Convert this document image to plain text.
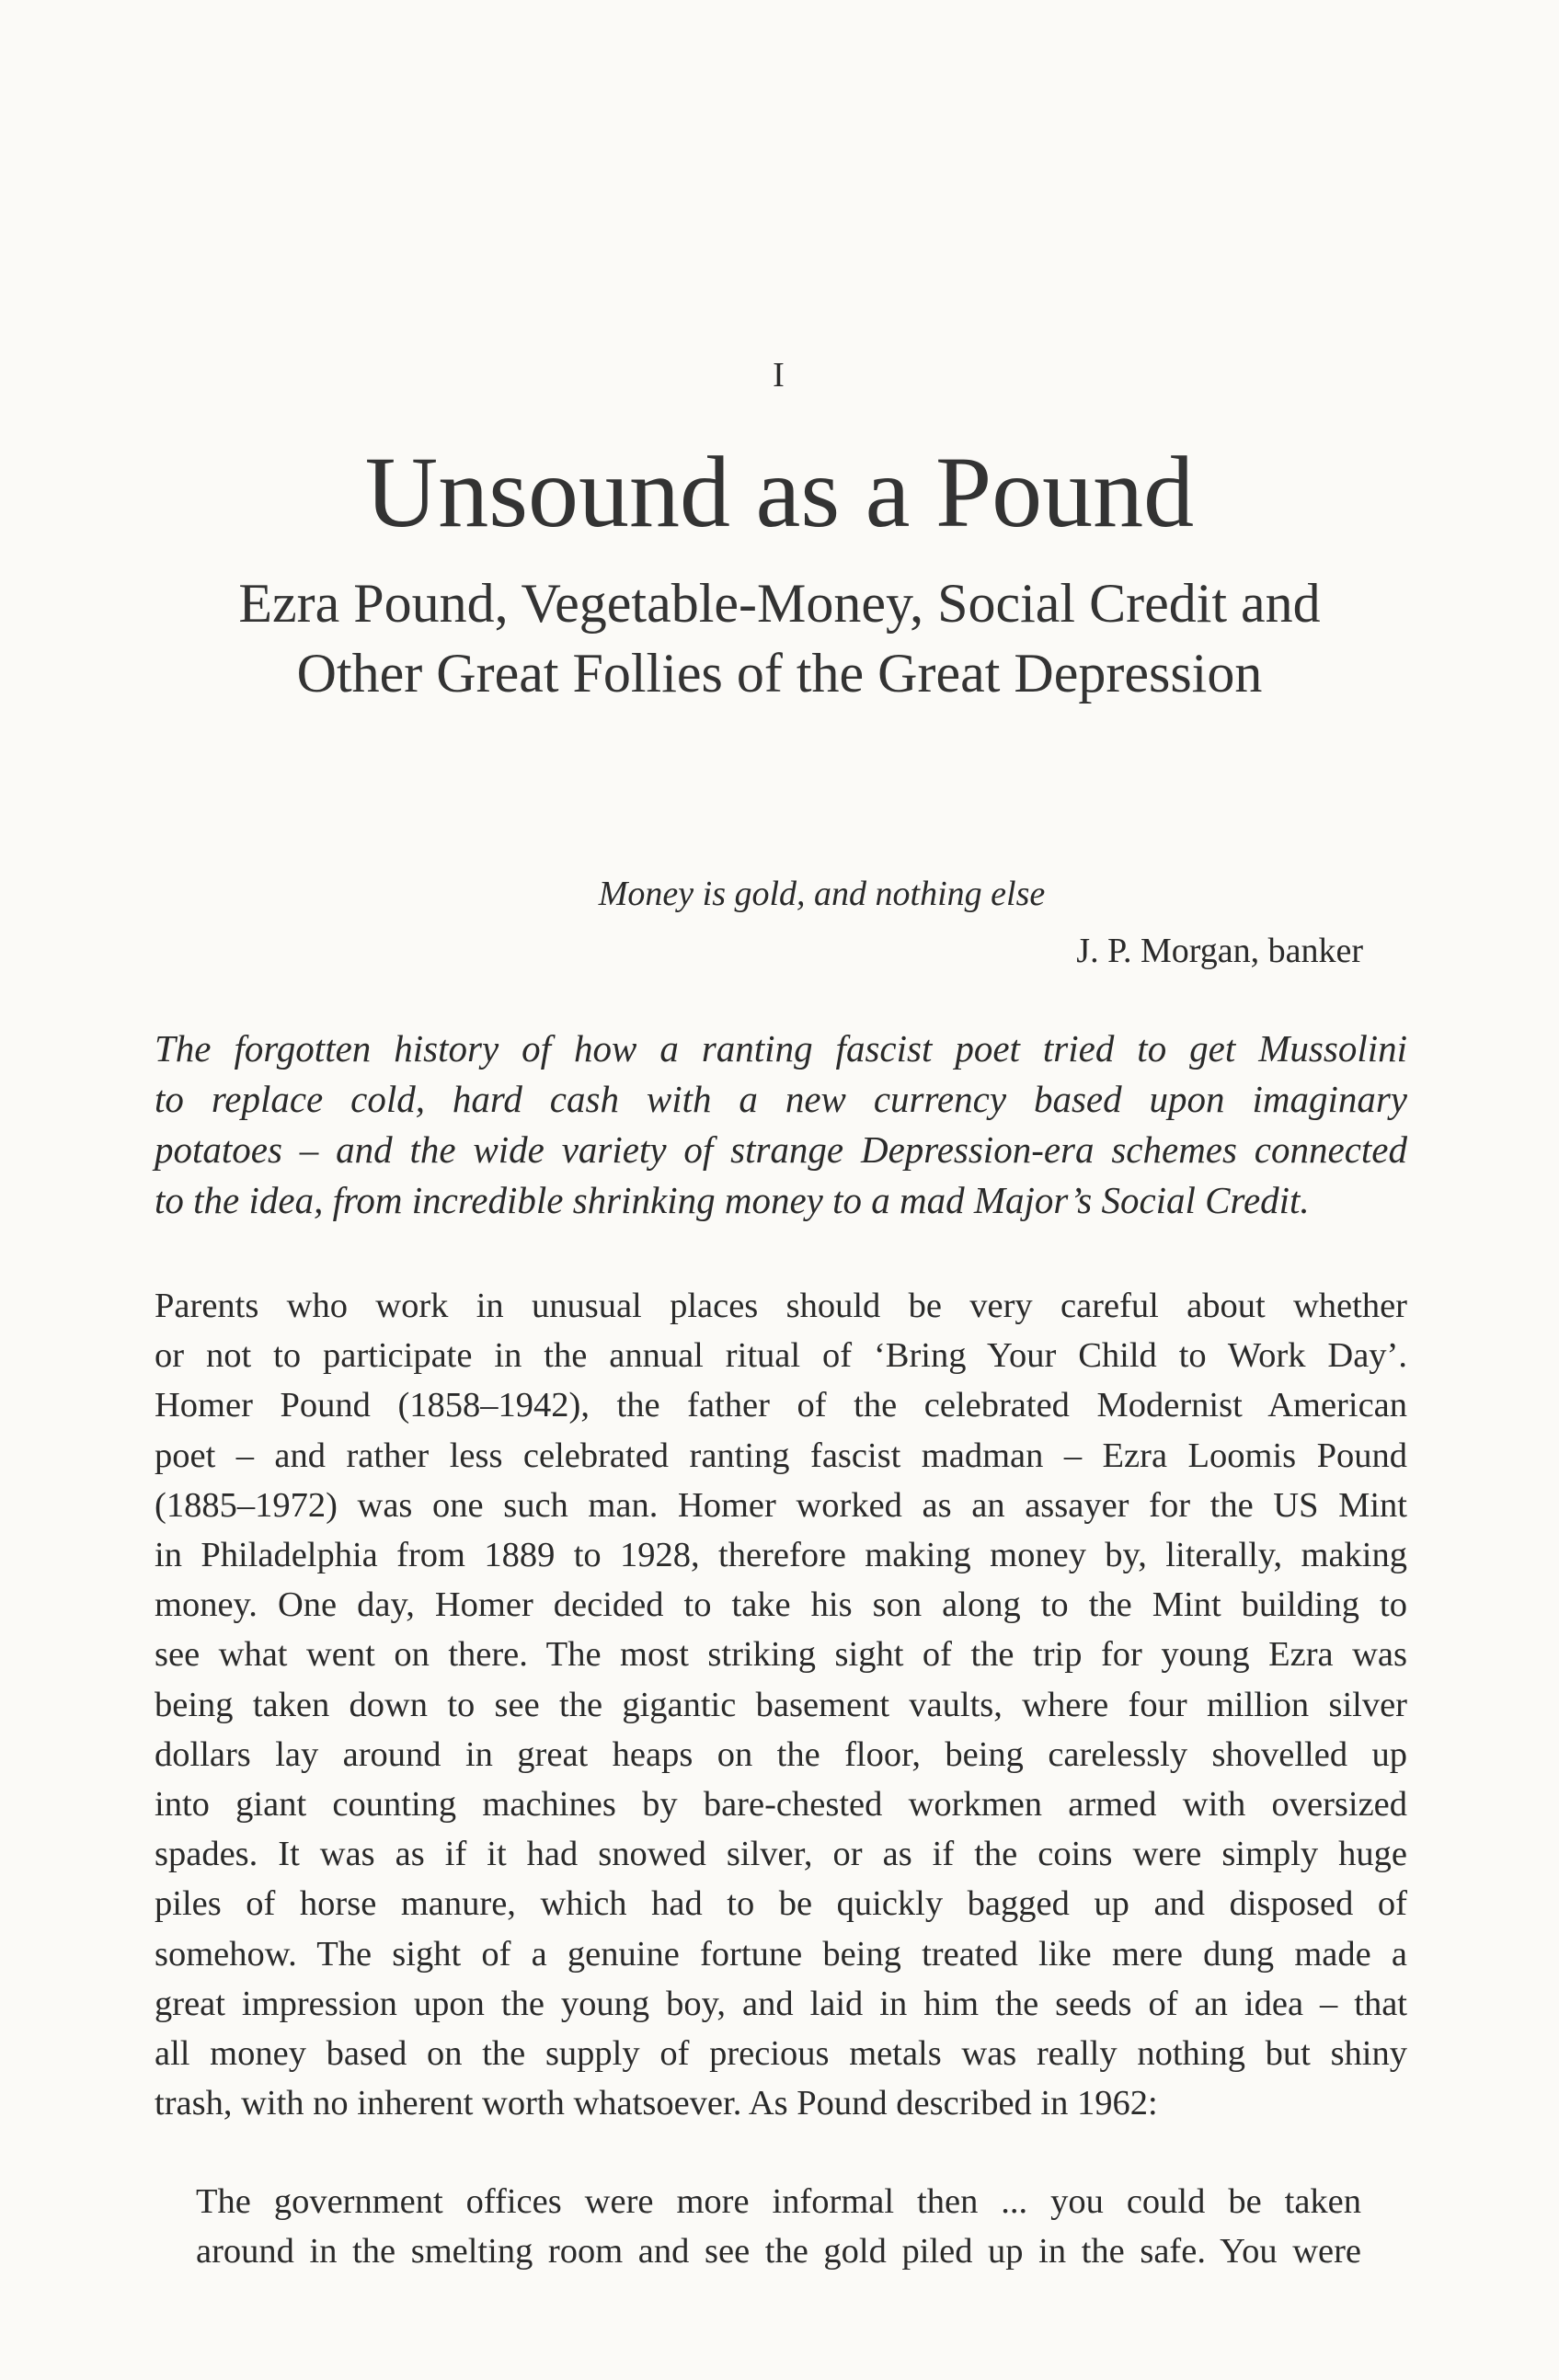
I
Unsound as a Pound
Ezra Pound, Vegetable-Money, Social Credit and
Other Great Follies of the Great Depression
Money is gold, and nothing else
J. P. Morgan, banker
The forgotten history of how a ranting fascist poet tried to get Mussolini
to replace cold, hard cash with a new currency based upon imaginary
potatoes – and the wide variety of strange Depression-era schemes connected
to the idea, from incredible shrinking money to a mad Major’s Social Credit.
Parents who work in unusual places should be very careful about whether
or not to participate in the annual ritual of ‘Bring Your Child to Work Day’.
Homer Pound (1858–1942), the father of the celebrated Modernist American
poet – and rather less celebrated ranting fascist madman – Ezra Loomis Pound
(1885–1972) was one such man. Homer worked as an assayer for the US Mint
in Philadelphia from 1889 to 1928, therefore making money by, literally, making
money. One day, Homer decided to take his son along to the Mint building to
see what went on there. The most striking sight of the trip for young Ezra was
being taken down to see the gigantic basement vaults, where four million silver
dollars lay around in great heaps on the floor, being carelessly shovelled up
into giant counting machines by bare-chested workmen armed with oversized
spades. It was as if it had snowed silver, or as if the coins were simply huge
piles of horse manure, which had to be quickly bagged up and disposed of
somehow. The sight of a genuine fortune being treated like mere dung made a
great impression upon the young boy, and laid in him the seeds of an idea – that
all money based on the supply of precious metals was really nothing but shiny
trash, with no inherent worth whatsoever. As Pound described in 1962:
The government offices were more informal then ... you could be taken
around in the smelting room and see the gold piled up in the safe. You were
